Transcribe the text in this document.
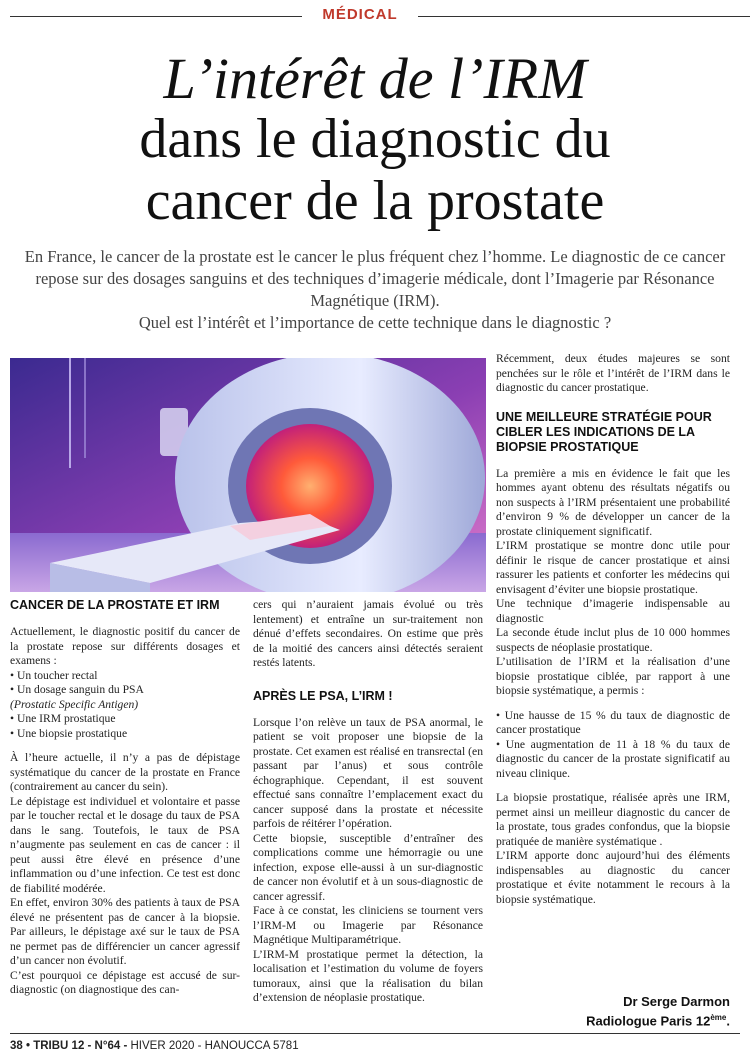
MÉDICAL
L’intérêt de l’IRM
dans le diagnostic du
cancer de la prostate

En France, le cancer de la prostate est le cancer le plus fréquent chez l’homme. Le diagnostic de ce cancer repose sur des dosages sanguins et des techniques d’imagerie médicale, dont l’Imagerie par Résonance Magnétique (IRM).

Quel est l’intérêt et l’importance de cette technique dans le diagnostic ?

CANCER DE LA PROSTATE ET IRM

Actuellement, le diagnostic positif du cancer de la prostate repose sur différents dosages et examens :

• Un toucher rectal
• Un dosage sanguin du PSA
(Prostatic Specific Antigen)
• Une IRM prostatique
• Une biopsie prostatique

À l’heure actuelle, il n’y a pas de dépistage systématique du cancer de la prostate en France (contrairement au cancer du sein).

Le dépistage est individuel et volontaire et passe par le toucher rectal et le dosage du taux de PSA dans le sang. Toutefois, le taux de PSA n’augmente pas seulement en cas de cancer : il peut aussi être élevé en présence d’une inflammation ou d’une infection. Ce test est donc de fiabilité modérée.

En effet, environ 30% des patients à taux de PSA élevé ne présentent pas de cancer à la biopsie. Par ailleurs, le dépistage axé sur le taux de PSA ne permet pas de différencier un cancer agressif d’un cancer non évolutif.

C’est pourquoi ce dépistage est accusé de sur-diagnostic (on diagnostique des can-

cers qui n’auraient jamais évolué ou très lentement) et entraîne un sur-traitement non dénué d’effets secondaires. On estime que près de la moitié des cancers ainsi détectés seraient restés latents.

APRÈS LE PSA, L’IRM !

Lorsque l’on relève un taux de PSA anormal, le patient se voit proposer une biopsie de la prostate. Cet examen est réalisé en transrectal (en passant par l’anus) et sous contrôle échographique. Cependant, il est souvent effectué sans connaître l’emplacement exact du cancer supposé dans la prostate et nécessite parfois de réitérer l’opération.

Cette biopsie, susceptible d’entraîner des complications comme une hémorragie ou une infection, expose elle-aussi à un sur-diagnostic de cancer non évolutif et à un sous-diagnostic de cancer agressif.

Face à ce constat, les cliniciens se tournent vers l’IRM-M ou Imagerie par Résonance Magnétique Multiparamétrique.

L’IRM-M prostatique permet la détection, la localisation et l’estimation du volume de foyers tumoraux, ainsi que la réalisation du bilan d’extension de néoplasie prostatique.

Récemment, deux études majeures se sont penchées sur le rôle et l’intérêt de l’IRM dans le diagnostic du cancer prostatique.

UNE MEILLEURE STRATÉGIE POUR CIBLER LES INDICATIONS DE LA BIOPSIE PROSTATIQUE

La première a mis en évidence le fait que les hommes ayant obtenu des résultats négatifs ou non suspects à l’IRM présentaient une probabilité d’environ 9 % de développer un cancer de la prostate cliniquement significatif.

L’IRM prostatique se montre donc utile pour définir le risque de cancer prostatique et ainsi rassurer les patients et conforter les médecins qui envisagent d’éviter une biopsie prostatique.

Une technique d’imagerie indispensable au diagnostic

La seconde étude inclut plus de 10 000 hommes suspects de néoplasie prostatique.

L’utilisation de l’IRM et la réalisation d’une biopsie prostatique ciblée, par rapport à une biopsie systématique, a permis :

• Une hausse de 15 % du taux de diagnostic de cancer prostatique
• Une augmentation de 11 à 18 % du taux de diagnostic du cancer de la prostate significatif au niveau clinique.

La biopsie prostatique, réalisée après une IRM, permet ainsi un meilleur diagnostic du cancer de la prostate, tous grades confondus, que la biopsie pratiquée de manière systématique .

L’IRM apporte donc aujourd’hui des éléments indispensables au diagnostic du cancer prostatique et évite notamment le recours à la biopsie systématique.

Dr Serge Darmon
Radiologue Paris 12ème.
38 • TRIBU 12 - N°64 - HIVER 2020 - HANOUCCA 5781
